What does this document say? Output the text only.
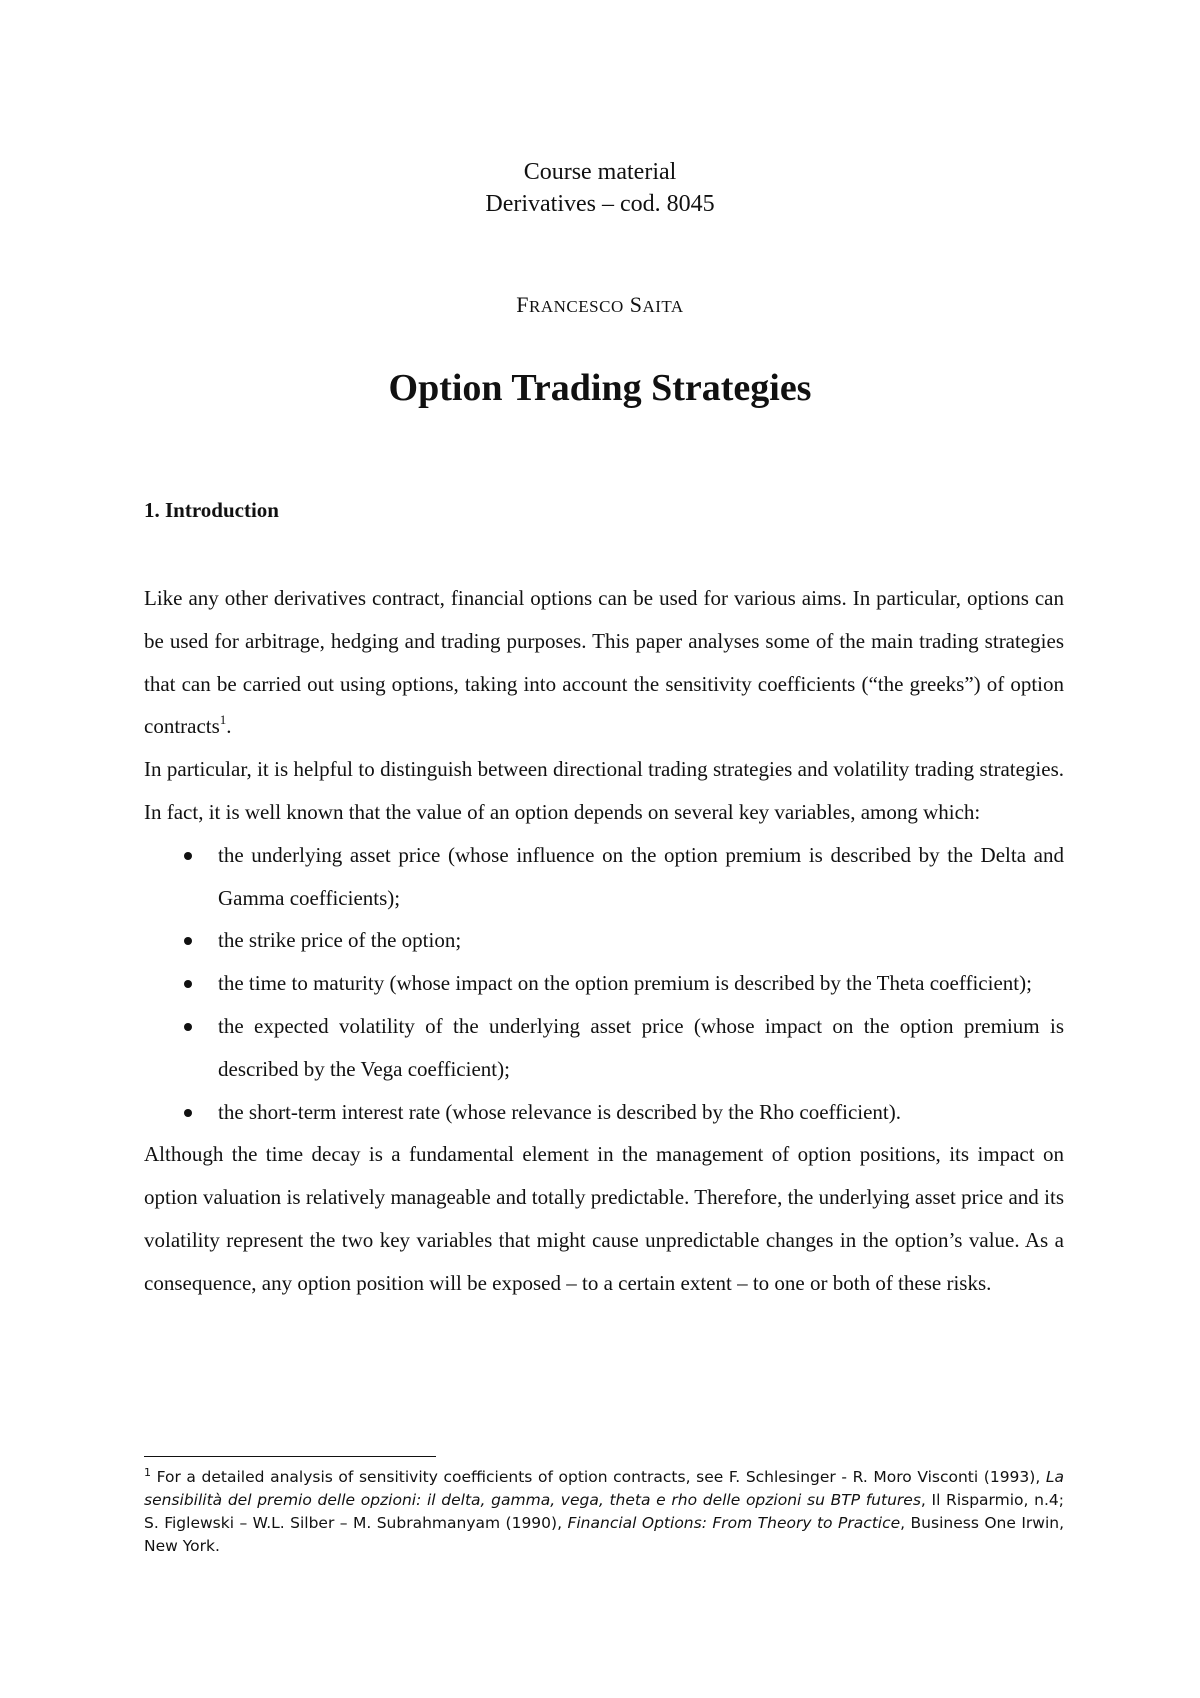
Course material
Derivatives – cod. 8045
FRANCESCO SAITA
Option Trading Strategies
1. Introduction

Like any other derivatives contract, financial options can be used for various aims. In particular, options can be used for arbitrage, hedging and trading purposes. This paper analyses some of the main trading strategies that can be carried out using options, taking into account the sensitivity coefficients (“the greeks”) of option contracts$^1$.

In particular, it is helpful to distinguish between directional trading strategies and volatility trading strategies. In fact, it is well known that the value of an option depends on several key variables, among which:

the underlying asset price (whose influence on the option premium is described by the Delta and Gamma coefficients);
the strike price of the option;
the time to maturity (whose impact on the option premium is described by the Theta coefficient);
the expected volatility of the underlying asset price (whose impact on the option premium is described by the Vega coefficient);
the short-term interest rate (whose relevance is described by the Rho coefficient).

Although the time decay is a fundamental element in the management of option positions, its impact on option valuation is relatively manageable and totally predictable. Therefore, the underlying asset price and its volatility represent the two key variables that might cause unpredictable changes in the option’s value. As a consequence, any option position will be exposed – to a certain extent – to one or both of these risks.

$^1$ For a detailed analysis of sensitivity coefficients of option contracts, see F. Schlesinger - R. Moro Visconti (1993), La sensibilità del premio delle opzioni: il delta, gamma, vega, theta e rho delle opzioni su BTP futures, Il Risparmio, n.4; S. Figlewski – W.L. Silber – M. Subrahmanyam (1990), Financial Options: From Theory to Practice, Business One Irwin, New York.
